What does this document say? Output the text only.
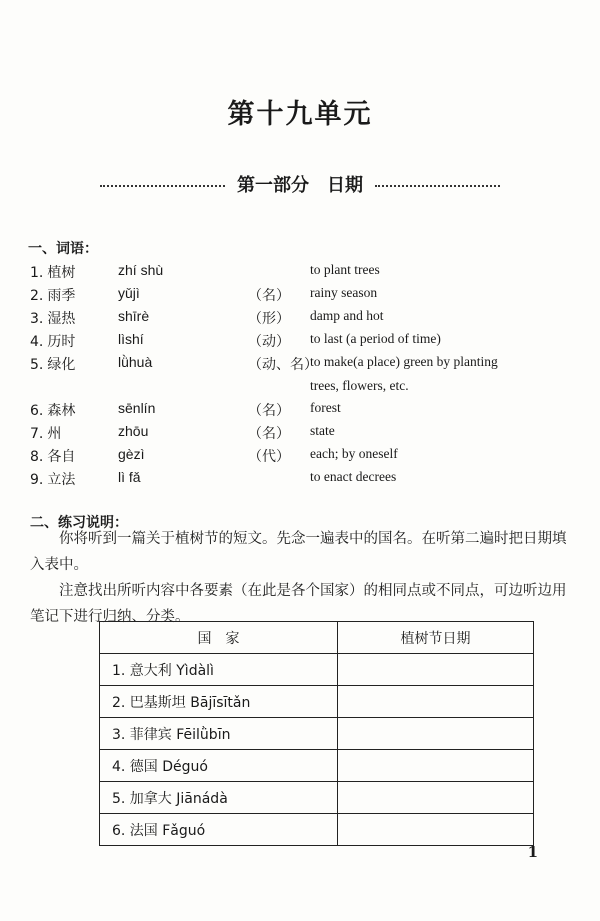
第十九单元
第一部分　日期
一、词语：
1. 植树	zhí shù	to plant trees
2. 雨季	yǔjì	（名） rainy season
3. 湿热	shīrè	（形） damp and hot
4. 历时	lìshí	（动） to last (a period of time)
5. 绿化	lǜhuà	（动、名）
to make(a place) green by planting
trees, flowers, etc.
6. 森林	sēnlín	（名） forest
7. 州	zhōu	（名） state
8. 各自	gèzì	（代） each; by oneself
9. 立法	lì fǎ	to enact decrees
二、练习说明：
你将听到一篇关于植树节的短文。先念一遍表中的国名。在听第二遍时把日期填入表中。
注意找出所听内容中各要素（在此是各个国家）的相同点或不同点，可边听边用笔记下进行归纳、分类。
国　家	植树节日期
1. 意大利 Yìdàlì	
2. 巴基斯坦 Bājīsītǎn	
3. 菲律宾 Fēilǜbīn	
4. 德国 Déguó	
5. 加拿大 Jiānádà	
6. 法国 Fǎguó	
1
